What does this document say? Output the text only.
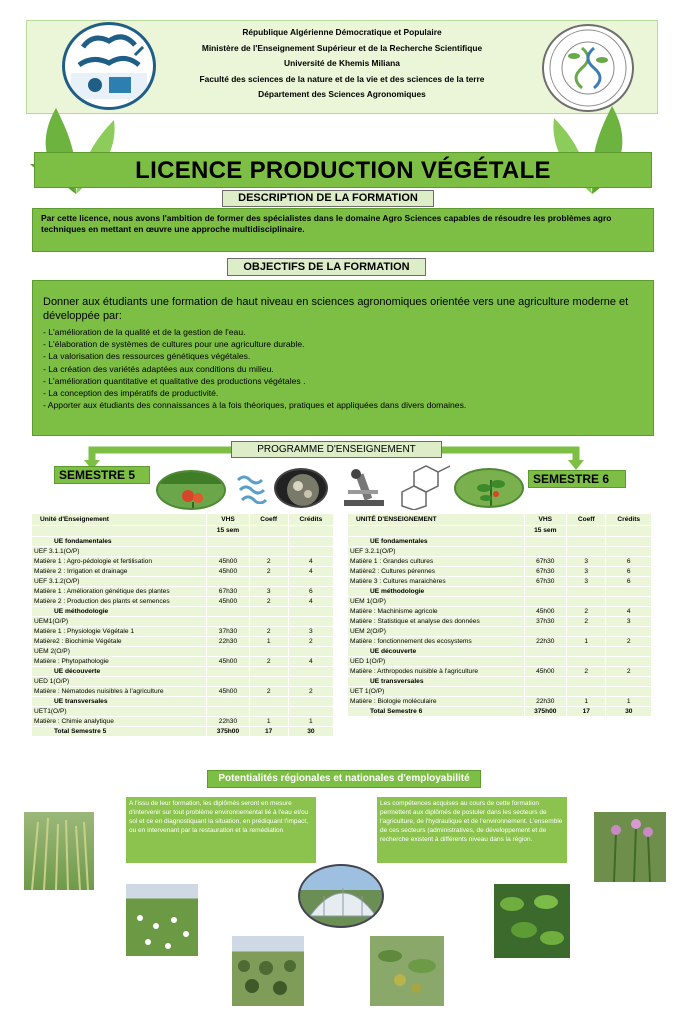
République Algérienne Démocratique et Populaire
Ministère de l'Enseignement Supérieur et de la Recherche Scientifique
Université de Khemis Miliana
Faculté des sciences de la nature et de la vie et des sciences de la terre
Département des Sciences Agronomiques
LICENCE PRODUCTION VÉGÉTALE
DESCRIPTION DE LA FORMATION

Par cette licence, nous avons l'ambition de former des spécialistes dans le domaine Agro Sciences capables de résoudre les problèmes agro techniques en mettant en œuvre une approche multidisciplinaire.

OBJECTIFS DE LA FORMATION

Donner aux étudiants une formation de haut niveau en sciences agronomiques orientée vers une agriculture moderne et développée par:

- L'amélioration de la qualité et de la gestion de l'eau.
- L'élaboration de systèmes de cultures pour une agriculture durable.
- La valorisation des ressources génétiques végétales.
- La création des variétés adaptées aux conditions du milieu.
- L'amélioration quantitative et qualitative des productions végétales .
- La conception des impératifs de productivité.
- Apporter aux étudiants des connaissances à la fois théoriques, pratiques et appliquées dans divers domaines.
PROGRAMME D'ENSEIGNEMENT
SEMESTRE 5	SEMESTRE 6
Unité d'Enseignement	VHS	Coeff	Crédits
	15 sem		
UE fondamentales			
UEF 3.1.1(O/P)			
Matière 1 : Agro-pédologie et fertilisation	45h00	2	4
Matière 2 : Irrigation et drainage	45h00	2	4
UEF 3.1.2(O/P)			
Matière 1 : Amélioration génétique des plantes	67h30	3	6
Matière 2 : Production des plants et semences	45h00	2	4
UE méthodologie			
UEM1(O/P)			
Matière 1 : Physiologie Végétale 1	37h30	2	3
Matière2 : Biochimie Végétale	22h30	1	2
UEM 2(O/P)			
Matière : Phytopathologie	45h00	2	4
UE découverte			
UED 1(O/P)			
Matière : Nématodes nuisibles à l'agriculture	45h00	2	2
UE transversales			
UET1(O/P)			
Matière : Chimie analytique	22h30	1	1
Total Semestre 5	375h00	17	30
UNITÉ D'ENSEIGNEMENT	VHS	Coeff	Crédits
	15 sem		
UE fondamentales			
UEF 3.2.1(O/P)			
Matière 1 : Grandes cultures	67h30	3	6
Matière2 : Cultures pérennes	67h30	3	6
Matière 3 : Cultures maraichères	67h30	3	6
UE méthodologie			
UEM 1(O/P)			
Matière : Machinisme agricole	45h00	2	4
Matière : Statistique et analyse des données	37h30	2	3
UEM 2(O/P)			
Matière : fonctionnement des ecosystems	22h30	1	2
UE découverte			
UED 1(O/P)			
Matière : Arthropodes nuisible à l'agriculture	45h00	2	2
UE transversales			
UET 1(O/P)			
Matière : Biologie moléculaire	22h30	1	1
Total Semestre 6	375h00	17	30
Potentialités régionales et nationales d'employabilité
A l'issu de leur formation, les diplômés seront en mesure d'intervenir sur tout problème environnemental lié à l'eau et/ou sol et ce en diagnostiquant la situation, en prédiquant l'impact, ou en intervenant par la restauration et la remédiation
Les compétences acquises au cours de cette formation permettent aux diplômés de postuler dans les secteurs de l'agriculture, de l'hydraulique et de l'environnement. L'ensemble de ces secteurs (administratives, de développement et de recherche existent à différents niveau dans la région.
